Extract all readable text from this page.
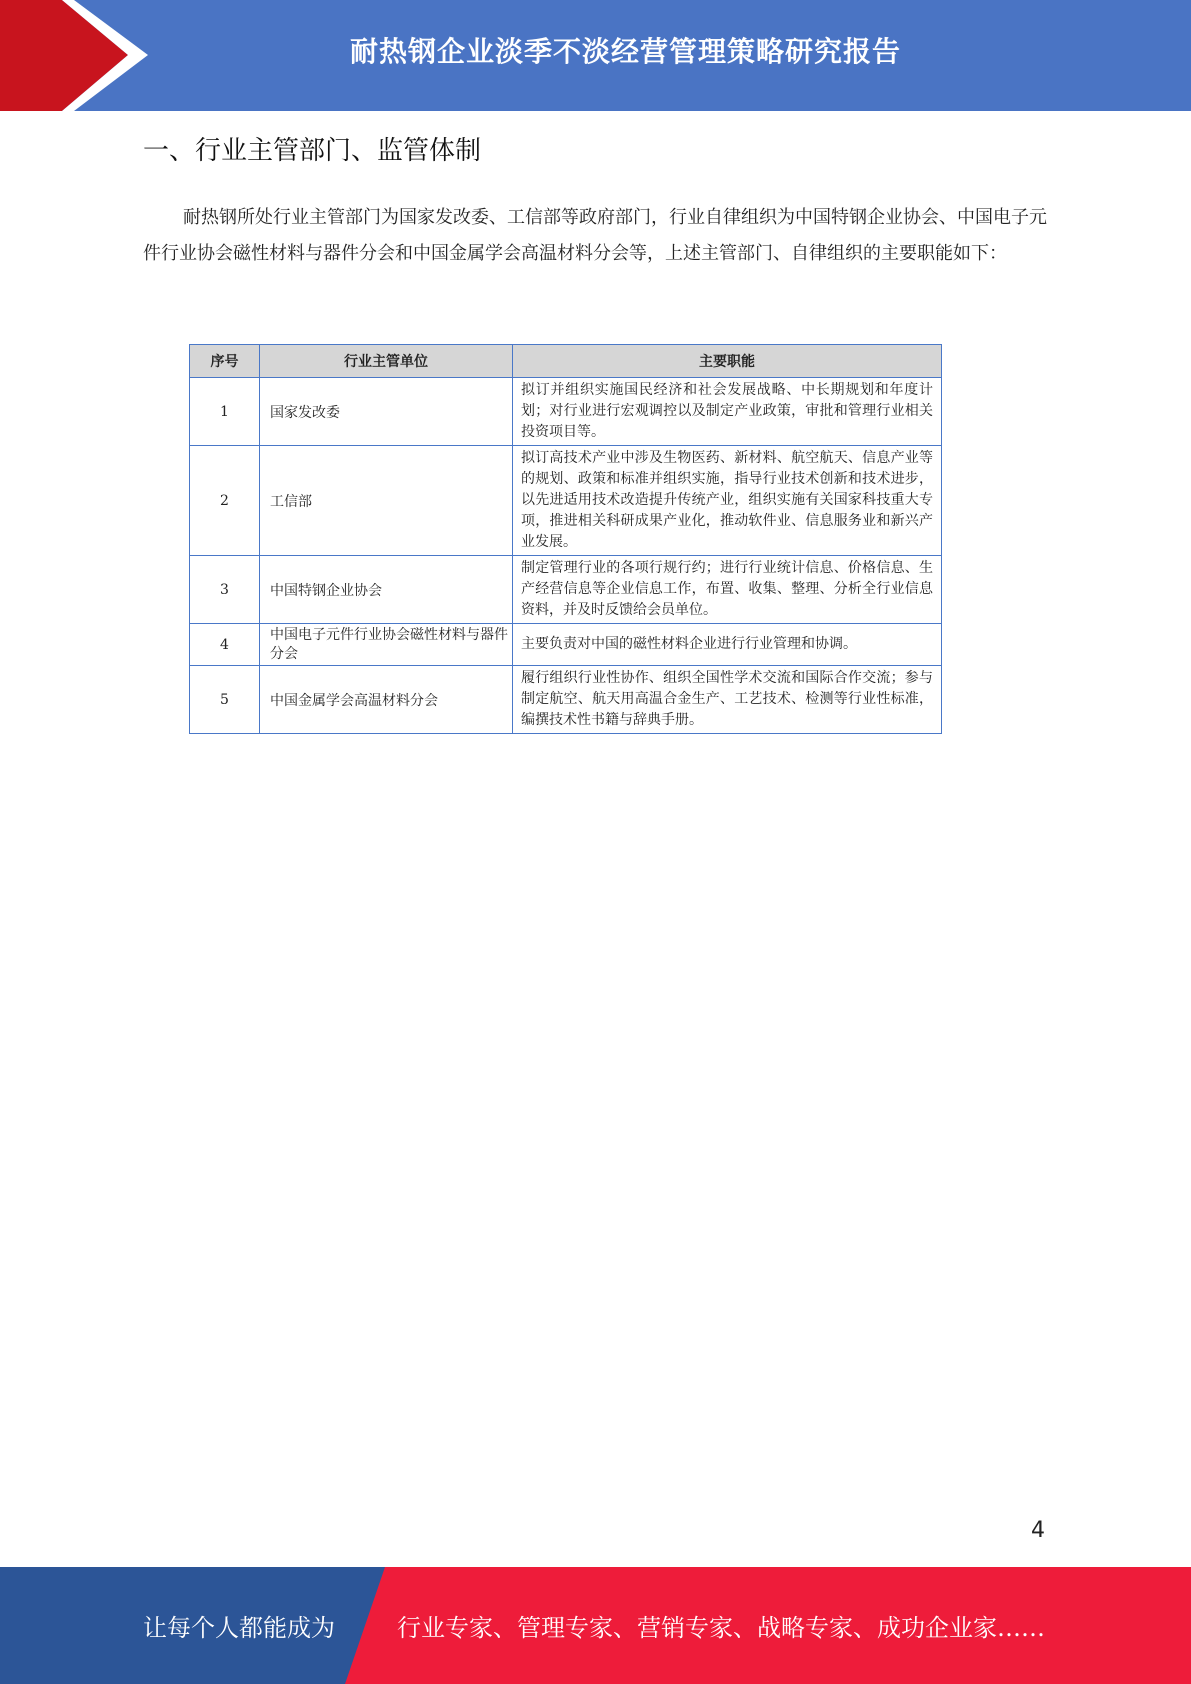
耐热钢企业淡季不淡经营管理策略研究报告
一、行业主管部门、监管体制

耐热钢所处行业主管部门为国家发改委、工信部等政府部门，行业自律组织为中国特钢企业协会、中国电子元件行业协会磁性材料与器件分会和中国金属学会高温材料分会等，上述主管部门、自律组织的主要职能如下：

序号	行业主管单位	主要职能
1	国家发改委	拟订并组织实施国民经济和社会发展战略、中长期规划和年度计划；对行业进行宏观调控以及制定产业政策，审批和管理行业相关投资项目等。
2	工信部	拟订高技术产业中涉及生物医药、新材料、航空航天、信息产业等的规划、政策和标准并组织实施，指导行业技术创新和技术进步，以先进适用技术改造提升传统产业，组织实施有关国家科技重大专项，推进相关科研成果产业化，推动软件业、信息服务业和新兴产业发展。
3	中国特钢企业协会	制定管理行业的各项行规行约；进行行业统计信息、价格信息、生产经营信息等企业信息工作，布置、收集、整理、分析全行业信息资料，并及时反馈给会员单位。
4	中国电子元件行业协会磁性材料与器件分会	主要负责对中国的磁性材料企业进行行业管理和协调。
5	中国金属学会高温材料分会	履行组织行业性协作、组织全国性学术交流和国际合作交流；参与制定航空、航天用高温合金生产、工艺技术、检测等行业性标准，编撰技术性书籍与辞典手册。
4
让每个人都能成为	行业专家、管理专家、营销专家、战略专家、成功企业家……
